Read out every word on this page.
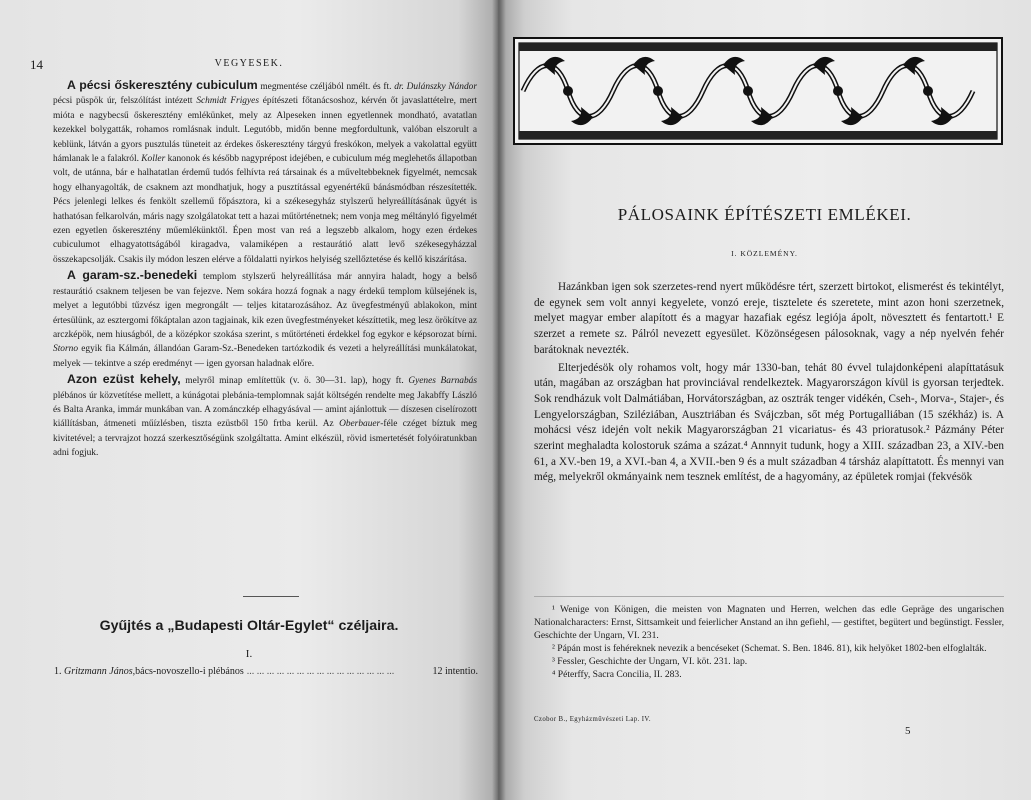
14	VEGYESEK.

A pécsi őskeresztény cubiculum megmentése czéljából nmélt. és ft. dr. Dulánszky Nándor pécsi püspök úr, felszólítást intézett Schmidt Frigyes építészeti főtanácsoshoz, kérvén őt javaslattételre, mert mióta e nagybecsű őskeresztény emlékünket, mely az Alpeseken innen egyetlennek mondható, avatatlan kezekkel bolygatták, rohamos romlásnak indult. Legutóbb, midőn benne megfordultunk, valóban elszorult a keblünk, látván a gyors pusztulás tüneteit az érdekes őskeresztény tárgyú freskókon, melyek a vakolattal együtt hámlanak le a falakról. Koller kanonok és később nagyprépost idejében, e cubiculum még meglehetős állapotban volt, de utánna, bár e halhatatlan érdemű tudós felhívta reá társainak és a műveltebbeknek figyelmét, nemcsak hogy elhanyagolták, de csaknem azt mondhatjuk, hogy a pusztítással egyenértékű bánásmódban részesítették. Pécs jelenlegi lelkes és fenkölt szellemű főpásztora, ki a székesegyház stylszerű helyreállításának ügyét is hathatósan felkarolván, máris nagy szolgálatokat tett a hazai műtörténetnek; nem vonja meg méltányló figyelmét ezen egyetlen őskeresztény műemlékünktől. Épen most van reá a legszebb alkalom, hogy ezen érdekes cubiculumot elhagyatottságából kiragadva, valamiképen a restaurátió alatt levő székesegyházzal összekapcsolják. Csakis ily módon leszen elérve a földalatti nyirkos helyiség szellőztetése és kellő kiszárítása.

A garam-sz.-benedeki templom stylszerű helyreállítása már annyira haladt, hogy a belső restaurátió csaknem teljesen be van fejezve. Nem sokára hozzá fognak a nagy érdekű templom külsejének is, melyet a legutóbbi tűzvész igen megrongált — teljes kitatarozásához. Az üvegfestményű ablakokon, mint értesülünk, az esztergomi főkáptalan azon tagjainak, kik ezen üvegfestményeket készíttetik, meg lesz örökítve az arczképök, nem hiuságból, de a középkor szokása szerint, s műtörténeti érdekkel fog egykor e képsorozat bírni. Storno egyik fia Kálmán, állandóan Garam-Sz.-Benedeken tartózkodik és vezeti a helyreállítási munkálatokat, melyek — tekintve a szép eredményt — igen gyorsan haladnak előre.

Azon ezüst kehely, melyről minap említettük (v. ö. 30—31. lap), hogy ft. Gyenes Barnabás plébános úr közvetítése mellett, a kúnágotai plebánia-templomnak saját költségén rendelte meg Jakabffy László és Balta Aranka, immár munkában van. A zománczkép elhagyásával — amint ajánlottuk — díszesen ciselírozott kiállításban, átmeneti műízlésben, tiszta ezüstből 150 frtba kerül. Az Oberbauer-féle czéget bíztuk meg kivitetével; a tervrajzot hozzá szerkesztőségünk szolgáltatta. Amint elkészül, rövid ismertetését folyóiratunkban adni fogjuk.

Gyűjtés a „Budapesti Oltár-Egylet“ czéljaira.
I.
1.
Gritzmann János, bács-novoszello-i plébános
... .	12 intentio.
PÁLOSAINK ÉPÍTÉSZETI EMLÉKEI.
I. KÖZLEMÉNY.

Hazánkban igen sok szerzetes-rend nyert működésre tért, szerzett birtokot, elismerést és tekintélyt, de egynek sem volt annyi kegyelete, vonzó ereje, tisztelete és szeretete, mint azon honi szerzetnek, melyet magyar ember alapított és a magyar hazafiak egész legiója ápolt, növesztett és fentartott.¹ E szerzet a remete sz. Pálról nevezett egyesület. Közönségesen pálosoknak, vagy a nép nyelvén fehér barátoknak nevezték.

Elterjedésök oly rohamos volt, hogy már 1330-ban, tehát 80 évvel tulajdonképeni alapíttatásuk után, magában az országban hat provinciával rendelkeztek. Magyarországon kívül is gyorsan terjedtek. Sok rendházuk volt Dalmátiában, Horvátországban, az osztrák tenger vidékén, Cseh-, Morva-, Stajer-, és Lengyelországban, Sziléziában, Ausztriában és Svájczban, sőt még Portugalliában (15 székház) is. A mohácsi vész idején volt nekik Magyarországban 21 vicariatus- és 43 prioratusok.² Pázmány Péter szerint meghaladta kolostoruk száma a százat.⁴ Annnyit tudunk, hogy a XIII. században 23, a XIV.-ben 61, a XV.-ben 19, a XVI.-ban 4, a XVII.-ben 9 és a mult században 4 társház alapíttatott. És mennyi van még, melyekről okmányaink nem tesznek említést, de a hagyomány, az épületek romjai (fekvésök

¹ Wenige von Königen, die meisten von Magnaten und Herren, welchen das edle Gepräge des ungarischen Nationalcharacters: Ernst, Sittsamkeit und feierlicher Anstand an ihn gefiehl, — gestiftet, begütert und begünstigt. Fessler, Geschichte der Ungarn, VI. 231.

² Pápán most is fehéreknek nevezik a bencéseket (Schemat. S. Ben. 1846. 81), kik helyöket 1802-ben elfoglalták.

³ Fessler, Geschichte der Ungarn, VI. köt. 231. lap.

⁴ Péterffy, Sacra Concilia, II. 283.

Czobor B., Egyházművészeti Lap. IV.
5
